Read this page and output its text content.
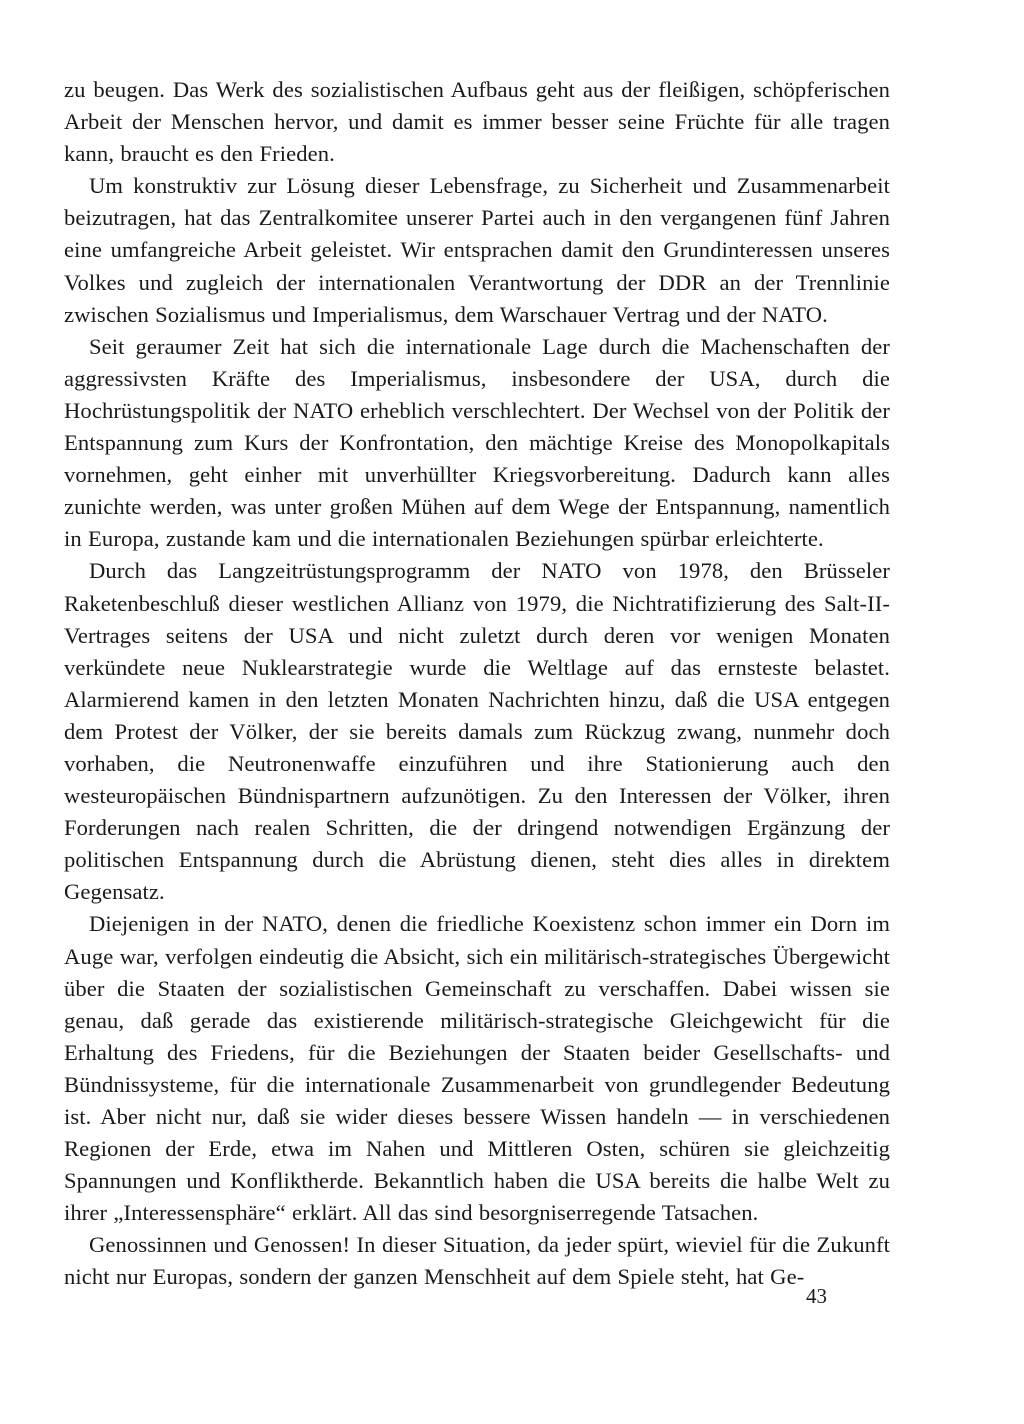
zu beugen. Das Werk des sozialistischen Aufbaus geht aus der fleißigen, schöpferischen Arbeit der Menschen hervor, und damit es immer besser seine Früchte für alle tragen kann, braucht es den Frieden.

Um konstruktiv zur Lösung dieser Lebensfrage, zu Sicherheit und Zusammenarbeit beizutragen, hat das Zentralkomitee unserer Partei auch in den vergangenen fünf Jahren eine umfangreiche Arbeit geleistet. Wir entsprachen damit den Grundinteressen unseres Volkes und zugleich der internationalen Verantwortung der DDR an der Trennlinie zwischen Sozialismus und Imperialismus, dem Warschauer Vertrag und der NATO.

Seit geraumer Zeit hat sich die internationale Lage durch die Machenschaften der aggressivsten Kräfte des Imperialismus, insbesondere der USA, durch die Hochrüstungspolitik der NATO erheblich verschlechtert. Der Wechsel von der Politik der Entspannung zum Kurs der Konfrontation, den mächtige Kreise des Monopolkapitals vornehmen, geht einher mit unverhüllter Kriegsvorbereitung. Dadurch kann alles zunichte werden, was unter großen Mühen auf dem Wege der Entspannung, namentlich in Europa, zustande kam und die internationalen Beziehungen spürbar erleichterte.

Durch das Langzeitrüstungsprogramm der NATO von 1978, den Brüsseler Raketenbeschluß dieser westlichen Allianz von 1979, die Nichtratifizierung des Salt-II-Vertrages seitens der USA und nicht zuletzt durch deren vor wenigen Monaten verkündete neue Nuklearstrategie wurde die Weltlage auf das ernsteste belastet. Alarmierend kamen in den letzten Monaten Nachrichten hinzu, daß die USA entgegen dem Protest der Völker, der sie bereits damals zum Rückzug zwang, nunmehr doch vorhaben, die Neutronenwaffe einzuführen und ihre Stationierung auch den westeuropäischen Bündnispartnern aufzunötigen. Zu den Interessen der Völker, ihren Forderungen nach realen Schritten, die der dringend notwendigen Ergänzung der politischen Entspannung durch die Abrüstung dienen, steht dies alles in direktem Gegensatz.

Diejenigen in der NATO, denen die friedliche Koexistenz schon immer ein Dorn im Auge war, verfolgen eindeutig die Absicht, sich ein militärisch-strategisches Übergewicht über die Staaten der sozialistischen Gemeinschaft zu verschaffen. Dabei wissen sie genau, daß gerade das existierende militärisch-strategische Gleichgewicht für die Erhaltung des Friedens, für die Beziehungen der Staaten beider Gesellschafts- und Bündnissysteme, für die internationale Zusammenarbeit von grundlegender Bedeutung ist. Aber nicht nur, daß sie wider dieses bessere Wissen handeln — in verschiedenen Regionen der Erde, etwa im Nahen und Mittleren Osten, schüren sie gleichzeitig Spannungen und Konfliktherde. Bekanntlich haben die USA bereits die halbe Welt zu ihrer „Interessensphäre“ erklärt. All das sind besorgniserregende Tatsachen.

Genossinnen und Genossen! In dieser Situation, da jeder spürt, wieviel für die Zukunft nicht nur Europas, sondern der ganzen Menschheit auf dem Spiele steht, hat Ge-

43
